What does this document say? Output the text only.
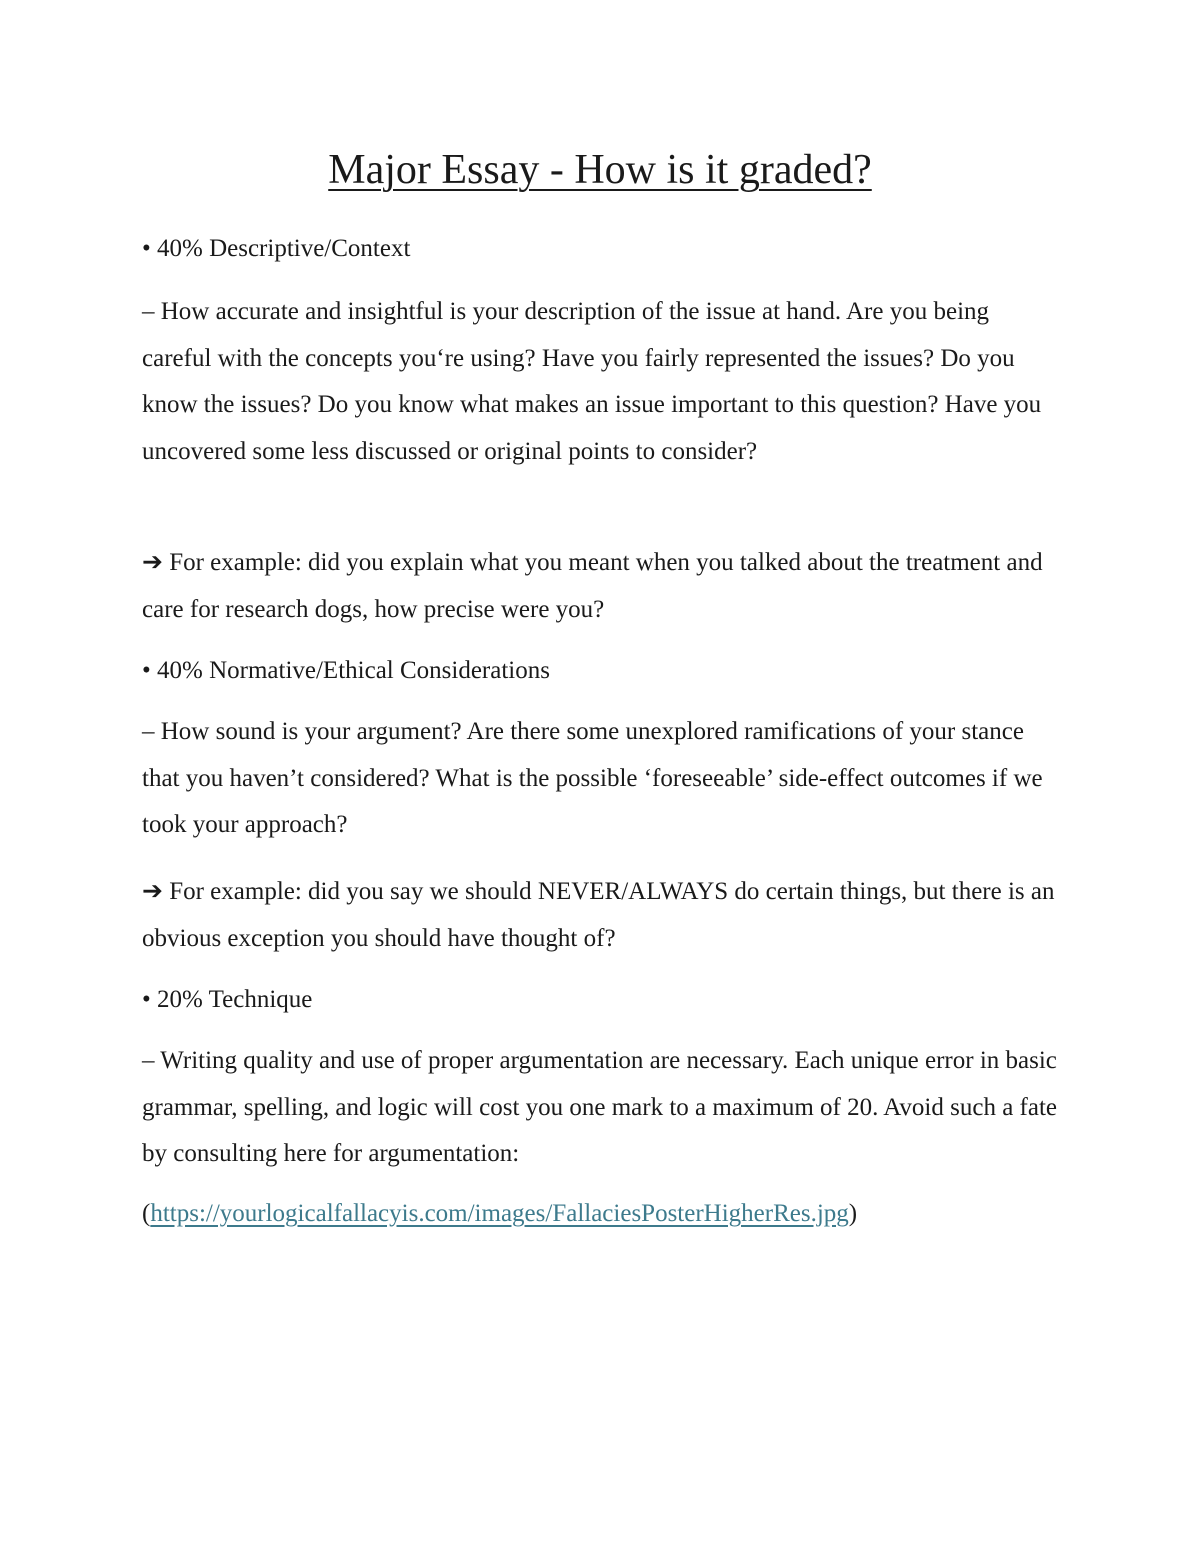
Major Essay - How is it graded?

• 40% Descriptive/Context

– How accurate and insightful is your description of the issue at hand. Are you being careful with the concepts you‘re using? Have you fairly represented the issues? Do you know the issues? Do you know what makes an issue important to this question? Have you uncovered some less discussed or original points to consider?

➔ For example: did you explain what you meant when you talked about the treatment and care for research dogs, how precise were you?

• 40% Normative/Ethical Considerations

– How sound is your argument? Are there some unexplored ramifications of your stance that you haven’t considered? What is the possible ‘foreseeable’ side-effect outcomes if we took your approach?

➔ For example: did you say we should NEVER/ALWAYS do certain things, but there is an obvious exception you should have thought of?

• 20% Technique

– Writing quality and use of proper argumentation are necessary. Each unique error in basic grammar, spelling, and logic will cost you one mark to a maximum of 20. Avoid such a fate by consulting here for argumentation:

(https://yourlogicalfallacyis.com/images/FallaciesPosterHigherRes.jpg)
